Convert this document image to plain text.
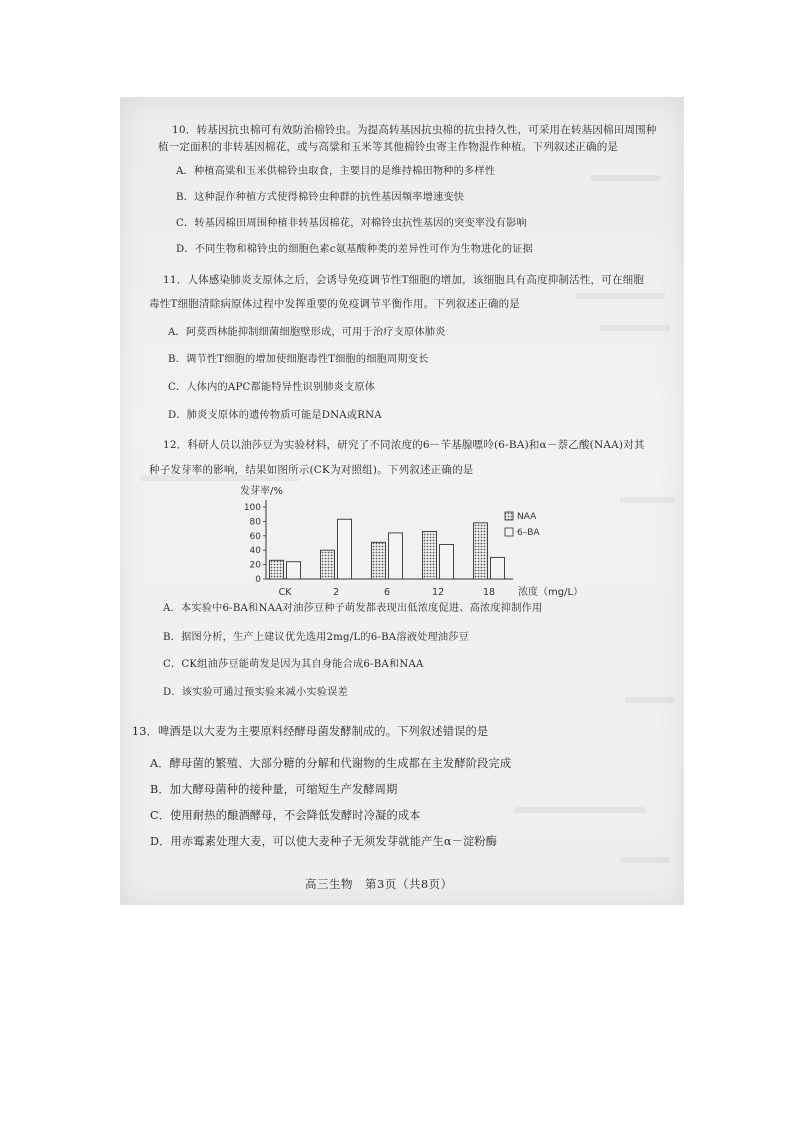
10．转基因抗虫棉可有效防治棉铃虫。为提高转基因抗虫棉的抗虫持久性，可采用在转基因棉田周围种
植一定面积的非转基因棉花，或与高粱和玉米等其他棉铃虫寄主作物混作种植。下列叙述正确的是
A．种植高粱和玉米供棉铃虫取食，主要目的是维持棉田物种的多样性
B．这种混作种植方式使得棉铃虫种群的抗性基因频率增速变快
C．转基因棉田周围种植非转基因棉花，对棉铃虫抗性基因的突变率没有影响
D．不同生物和棉铃虫的细胞色素c氨基酸种类的差异性可作为生物进化的证据
11．人体感染肺炎支原体之后，会诱导免疫调节性T细胞的增加，该细胞具有高度抑制活性，可在细胞
毒性T细胞清除病原体过程中发挥重要的免疫调节平衡作用。下列叙述正确的是
A．阿莫西林能抑制细菌细胞壁形成，可用于治疗支原体肺炎
B．调节性T细胞的增加使细胞毒性T细胞的细胞周期变长
C．人体内的APC都能特异性识别肺炎支原体
D．肺炎支原体的遗传物质可能是DNA或RNA
12．科研人员以油莎豆为实验材料，研究了不同浓度的6－苄基腺嘌呤(6-BA)和α－萘乙酸(NAA)对其
种子发芽率的影响，结果如图所示(CK为对照组)。下列叙述正确的是
发芽率/%
0
20
40
60
80
100
CK	2	6	12	18 浓度（mg/L）
NAA
6–BA
A．本实验中6-BA和NAA对油莎豆种子萌发都表现出低浓度促进、高浓度抑制作用
B．据图分析，生产上建议优先选用2mg/L的6-BA溶液处理油莎豆
C．CK组油莎豆能萌发是因为其自身能合成6-BA和NAA
D．该实验可通过预实验来减小实验误差
13．啤酒是以大麦为主要原料经酵母菌发酵制成的。下列叙述错误的是
A．酵母菌的繁殖、大部分糖的分解和代谢物的生成都在主发酵阶段完成
B．加大酵母菌种的接种量，可缩短生产发酵周期
C．使用耐热的酿酒酵母，不会降低发酵时冷凝的成本
D．用赤霉素处理大麦，可以使大麦种子无须发芽就能产生α－淀粉酶
高三生物　第3页（共8页）
